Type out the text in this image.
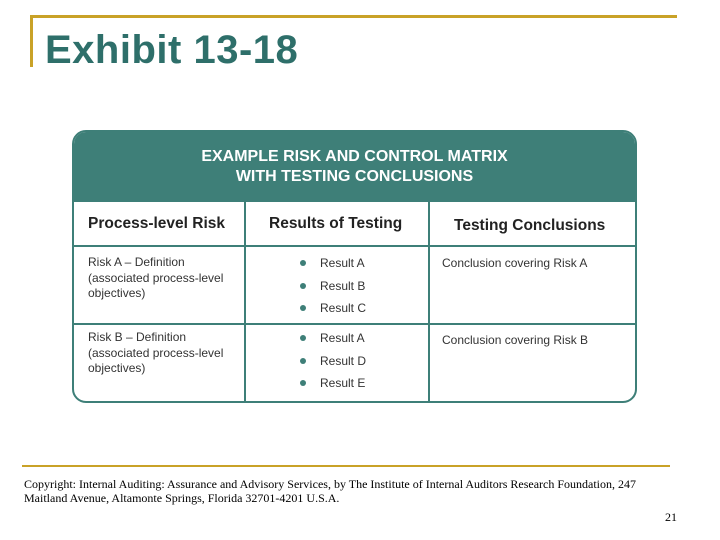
Exhibit 13-18
EXAMPLE RISK AND CONTROL MATRIX
WITH TESTING CONCLUSIONS
Process-level Risk	Results of Testing	Testing Conclusions
Risk A – Definition
(associated process-level
objectives)
Result A
Result B
Result C
Conclusion covering Risk A
Risk B – Definition
(associated process-level
objectives)
Result A
Result D
Result E
Conclusion covering Risk B

Copyright: Internal Auditing: Assurance and Advisory Services, by The Institute of Internal Auditors Research Foundation, 247 Maitland Avenue, Altamonte Springs, Florida 32701-4201 U.S.A.

21
